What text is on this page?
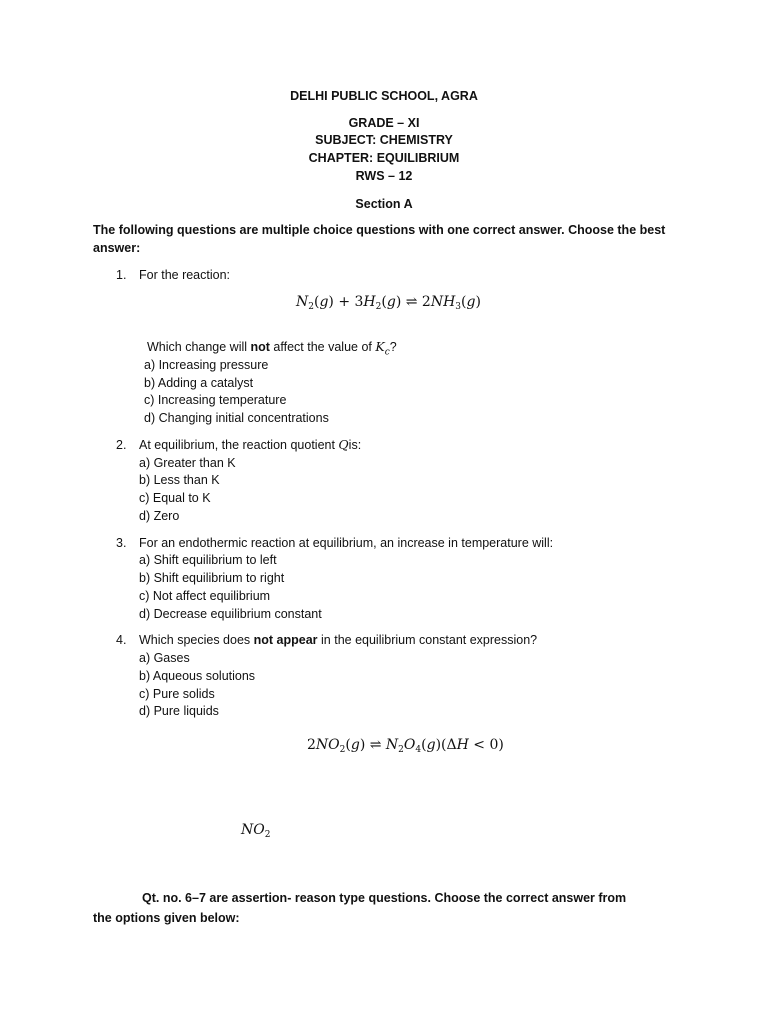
DELHI PUBLIC SCHOOL, AGRA
GRADE – XI
SUBJECT: CHEMISTRY
CHAPTER: EQUILIBRIUM
RWS – 12
Section A
The following questions are multiple choice questions with one correct answer. Choose the best
answer:
1. For the reaction:
$N_2(g) + 3H_2(g)$ ⇌ $2NH_3(g)$
Which change will not affect the value of $K_c$?
a) Increasing pressure
b) Adding a catalyst
c) Increasing temperature
d) Changing initial concentrations
2. At equilibrium, the reaction quotient Qis:
a) Greater than K
b) Less than K
c) Equal to K
d) Zero
3. For an endothermic reaction at equilibrium, an increase in temperature will:
a) Shift equilibrium to left
b) Shift equilibrium to right
c) Not affect equilibrium
d) Decrease equilibrium constant
4. Which species does not appear in the equilibrium constant expression?
a) Gases
b) Aqueous solutions
c) Pure solids
d) Pure liquids
$2NO_2(g)$ ⇌ $N_2O_4(g)(\Delta H < 0)$
$NO_2$
Qt. no. 6–7 are assertion- reason type questions. Choose the correct answer from
the options given below:
